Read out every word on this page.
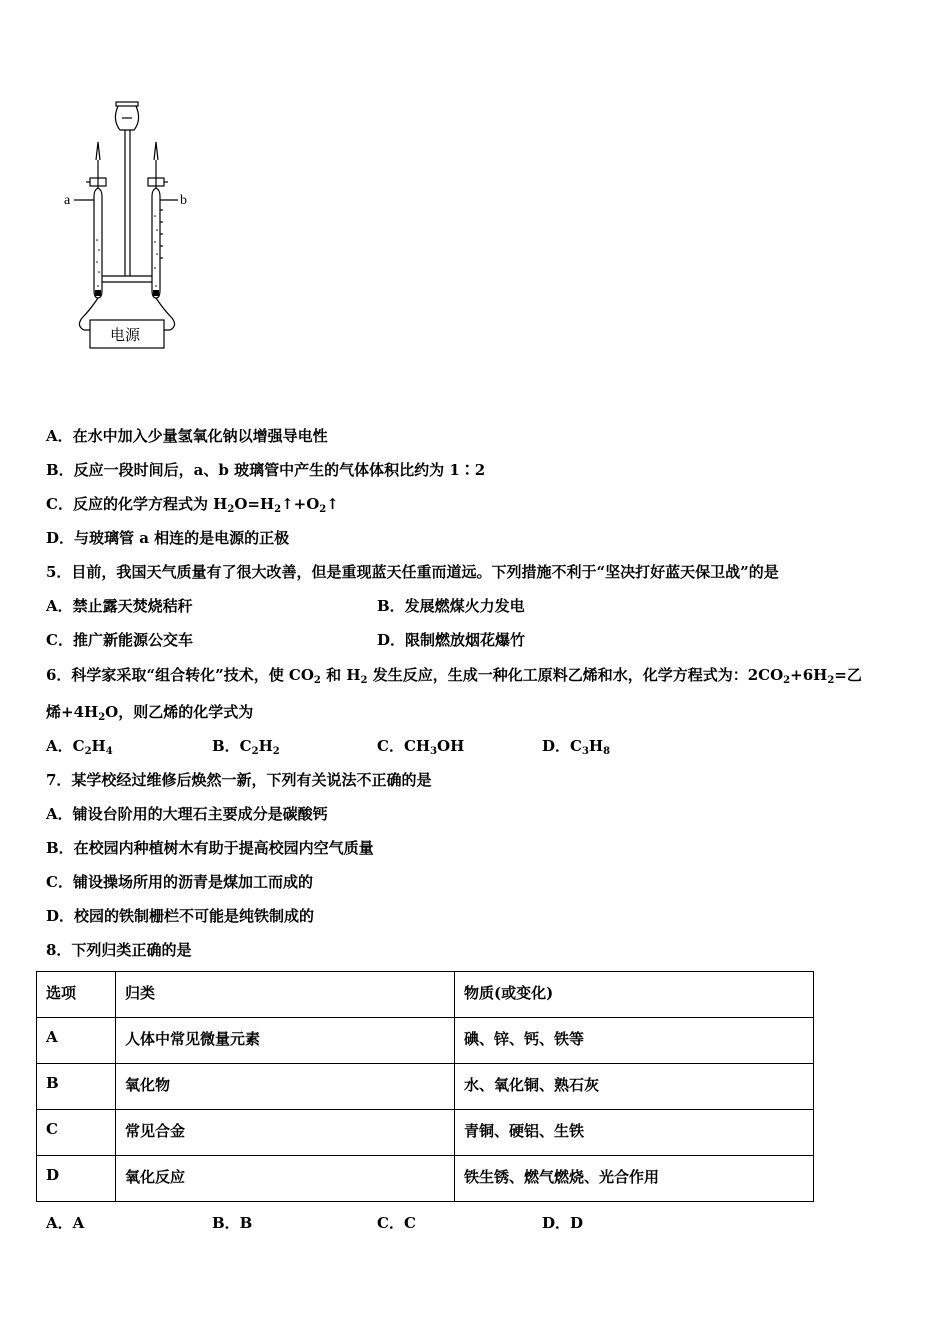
a	b
电源
A．在水中加入少量氢氧化钠以增强导电性
B．反应一段时间后，a、b 玻璃管中产生的气体体积比约为 1∶2
C．反应的化学方程式为 $H_2O=H_2↑+O_2↑$
D．与玻璃管 a 相连的是电源的正极
5．目前，我国天气质量有了很大改善，但是重现蓝天任重而道远。下列措施不利于“坚决打好蓝天保卫战”的是
A．禁止露天焚烧秸秆	B．发展燃煤火力发电
C．推广新能源公交车	D．限制燃放烟花爆竹
6．科学家采取“组合转化”技术，使 $CO_2$ 和 $H_2$ 发生反应，生成一种化工原料乙烯和水，化学方程式为：$2CO_2+6H_2=$乙
烯$+4H_2O$，则乙烯的化学式为
A．$C_2H_4$	B．$C_2H_2$	C．$CH_3OH$	D．$C_3H_8$
7．某学校经过维修后焕然一新，下列有关说法不正确的是
A．铺设台阶用的大理石主要成分是碳酸钙
B．在校园内种植树木有助于提高校园内空气质量
C．铺设操场所用的沥青是煤加工而成的
D．校园的铁制栅栏不可能是纯铁制成的
8．下列归类正确的是
选项	归类	物质(或变化)
A	人体中常见微量元素	碘、锌、钙、铁等
B	氧化物	水、氧化铜、熟石灰
C	常见合金	青铜、硬铝、生铁
D	氧化反应	铁生锈、燃气燃烧、光合作用
A．A	B．B	C．C	D．D
